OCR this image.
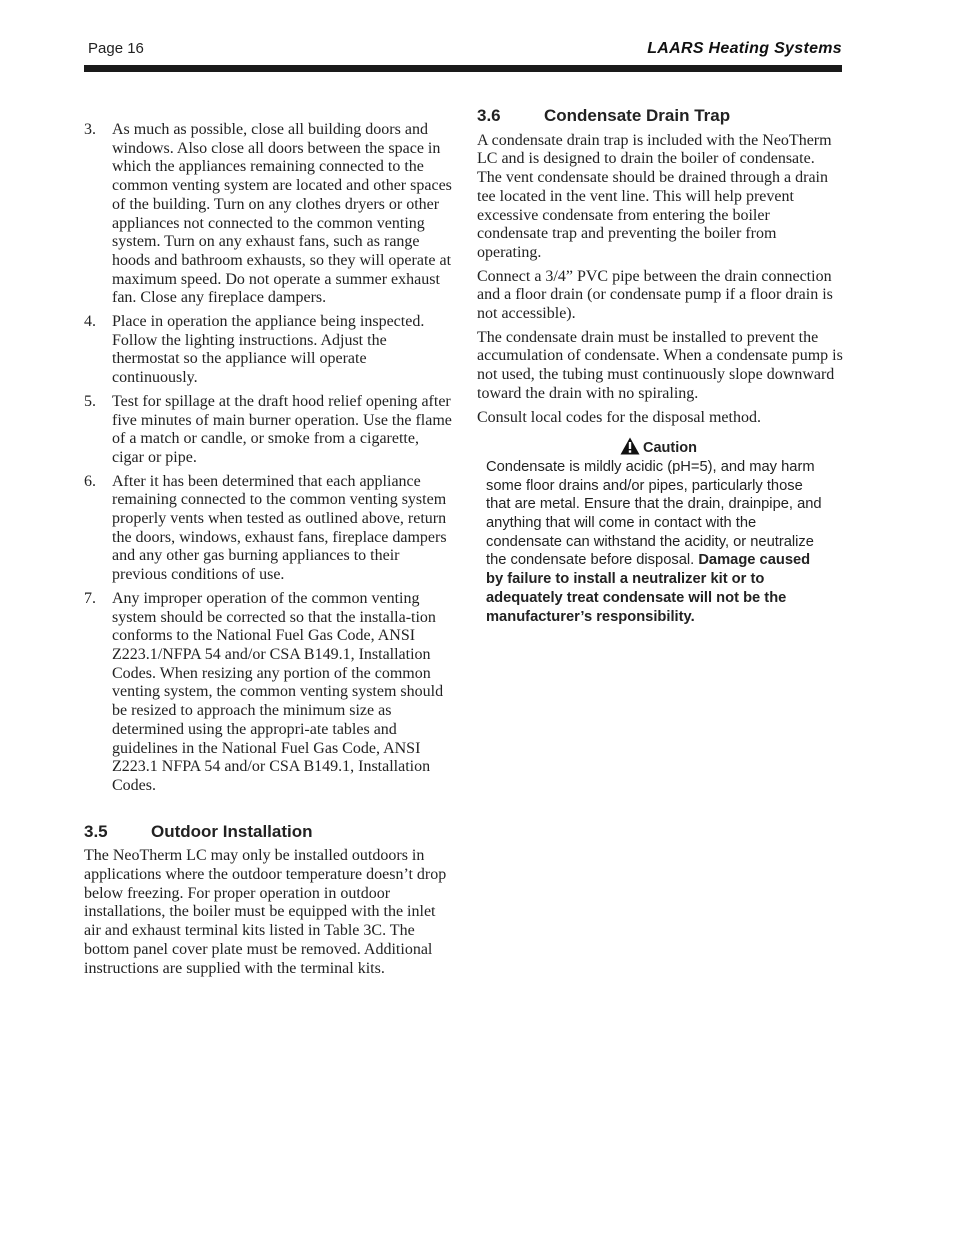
Page 16	LAARS Heating Systems
3. As much as possible, close all building doors and windows. Also close all doors between the space in which the appliances remaining connected to the common venting system are located and other spaces of the building. Turn on any clothes dryers or other appliances not connected to the common venting system. Turn on any exhaust fans, such as range hoods and bathroom exhausts, so they will operate at maximum speed. Do not operate a summer exhaust fan. Close any fireplace dampers.
4. Place in operation the appliance being inspected. Follow the lighting instructions. Adjust the thermostat so the appliance will operate continuously.
5. Test for spillage at the draft hood relief opening after five minutes of main burner operation. Use the flame of a match or candle, or smoke from a cigarette, cigar or pipe.
6. After it has been determined that each appliance remaining connected to the common venting system properly vents when tested as outlined above, return the doors, windows, exhaust fans, fireplace dampers and any other gas burning appliances to their previous conditions of use.
7. Any improper operation of the common venting system should be corrected so that the installa-tion conforms to the National Fuel Gas Code, ANSI Z223.1/NFPA 54 and/or CSA B149.1, Installation Codes. When resizing any portion of the common venting system, the common venting system should be resized to approach the minimum size as determined using the appropri-ate tables and guidelines in the National Fuel Gas Code, ANSI Z223.1 NFPA 54 and/or CSA B149.1, Installation Codes.
3.5	Outdoor Installation

The NeoTherm LC may only be installed outdoors in applications where the outdoor temperature doesn’t drop below freezing. For proper operation in outdoor installations, the boiler must be equipped with the inlet air and exhaust terminal kits listed in Table 3C. The bottom panel cover plate must be removed. Additional instructions are supplied with the terminal kits.

3.6	Condensate Drain Trap

A condensate drain trap is included with the NeoTherm LC and is designed to drain the boiler of condensate. The vent condensate should be drained through a drain tee located in the vent line. This will help prevent excessive condensate from entering the boiler condensate trap and preventing the boiler from operating.

Connect a 3/4” PVC pipe between the drain connection and a floor drain (or condensate pump if a floor drain is not accessible).

The condensate drain must be installed to prevent the accumulation of condensate. When a condensate pump is not used, the tubing must continuously slope downward toward the drain with no spiraling.

Consult local codes for the disposal method.

Caution
Condensate is mildly acidic (pH=5), and may harm some floor drains and/or pipes, particularly those that are metal. Ensure that the drain, drainpipe, and anything that will come in contact with the condensate can withstand the acidity, or neutralize the condensate before disposal. Damage caused by failure to install a neutralizer kit or to adequately treat condensate will not be the manufacturer’s responsibility.
